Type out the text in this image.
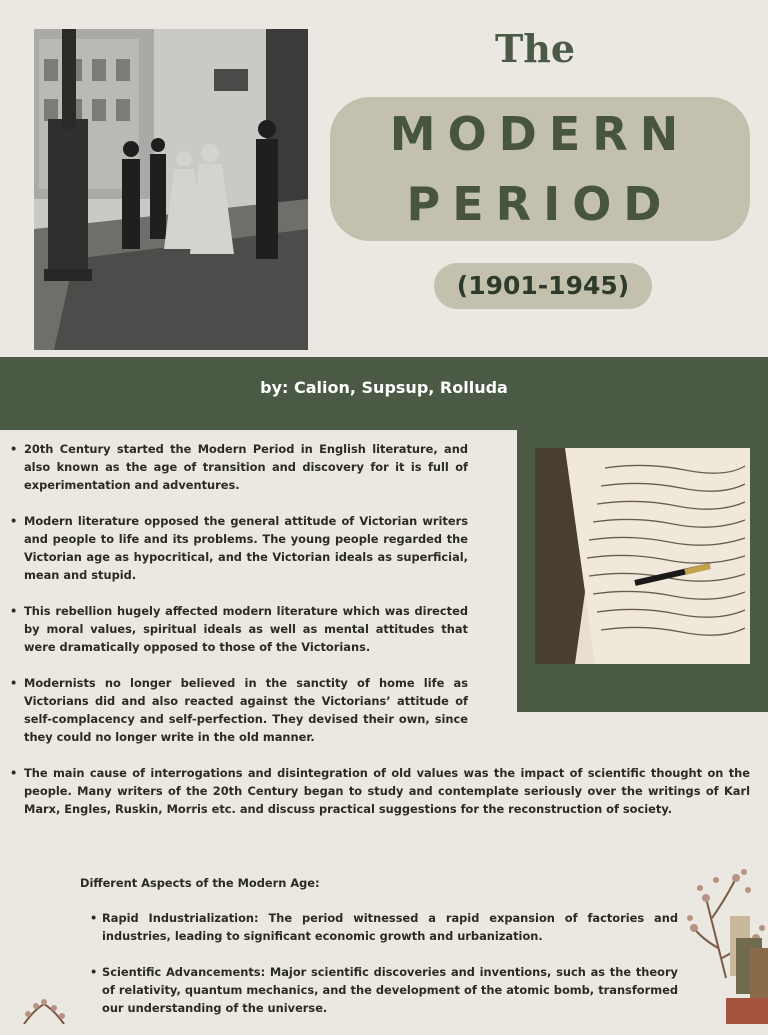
The
MODERN
PERIOD
(1901-1945)
by: Calion, Supsup, Rolluda
• 20th Century started the Modern Period in English literature, and also known as the age of transition and discovery for it is full of experimentation and adventures.
• Modern literature opposed the general attitude of Victorian writers and people to life and its problems. The young people regarded the Victorian age as hypocritical, and the Victorian ideals as superficial, mean and stupid.
• This rebellion hugely affected modern literature which was directed by moral values, spiritual ideals as well as mental attitudes that were dramatically opposed to those of the Victorians.
• Modernists no longer believed in the sanctity of home life as Victorians did and also reacted against the Victorians’ attitude of self-complacency and self-perfection. They devised their own, since they could no longer write in the old manner.
• The main cause of interrogations and disintegration of old values was the impact of scientific thought on the people. Many writers of the 20th Century began to study and contemplate seriously over the writings of Karl Marx, Engles, Ruskin, Morris etc. and discuss practical suggestions for the reconstruction of society.
Different Aspects of the Modern Age:
• Rapid Industrialization: The period witnessed a rapid expansion of factories and industries, leading to significant economic growth and urbanization.
• Scientific Advancements: Major scientific discoveries and inventions, such as the theory of relativity, quantum mechanics, and the development of the atomic bomb, transformed our understanding of the universe.
